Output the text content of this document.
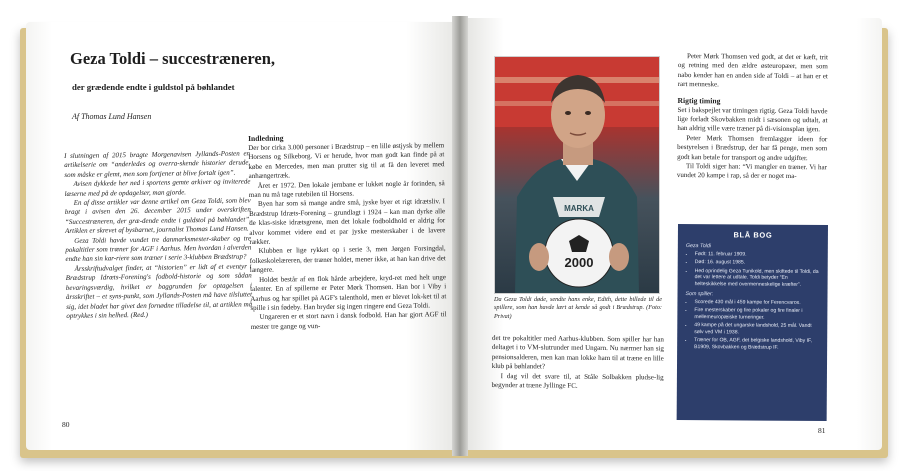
Geza Toldi – succestræneren,
der grædende endte i guldstol på bøhlandet
Af Thomas Lund Hansen

I slutningen af 2015 bragte Morgenavisen Jyllands-Posten en artikelserie om “anderledes og overra-skende historier derude, som måske er glemt, men som fortjener at blive fortalt igen”.

Avisen dykkede her ned i sportens gemte arkiver og inviterede læserne med på de opdagelser, man gjorde.

En af disse artikler var denne artikel om Geza Toldi, som blev bragt i avisen den 26. december 2015 under overskriften “Succestræneren, der græ-dende endte i guldstol på bøhlandet”. Artiklen er skrevet af bysbarnet, journalist Thomas Lund Hansen.

Geza Toldi havde vundet tre danmarksmester-skaber og tre pokaltitler som træner for AGF i Aarhus. Men hvordan i alverden endte han sin kar-riere som træner i serie 3-klubben Brædstrup?

Årsskriftudvalget finder, at “historien” er lidt af et eventyr i Brædstrup Idræts-Forening's fodbold-historie og som sådan bevaringsværdig, hvilket er baggrunden for optagelsen i årsskriftet – et syns-punkt, som Jyllands-Posten må have tilsluttet sig, idet bladet har givet den fornødne tilladelse til, at artiklen må optrykkes i sin helhed. (Red.)

Indledning

Der bor cirka 3.000 personer i Brædstrup – en lille østjysk by mellem Horsens og Silkeborg. Vi er herude, hvor man godt kan finde på at købe en Mercedes, men man prutter sig til at få den leveret med anhængertræk.

Året er 1972. Den lokale jernbane er lukket nogle år forinden, så man nu må tage rutebilen til Horsens.

Byen har som så mange andre små, jyske byer et rigt idrætsliv. I Brædstrup Idræts-Forening – grundlagt i 1924 – kan man dyrke alle de klas-siske idrætsgrene, men det lokale fodboldhold er aldrig for alvor kommet videre end et par jyske mesterskaber i de lavere rækker.

Klubben er lige rykket op i serie 3, men Jørgen Forsingdal, folkeskolelæreren, der træner holdet, mener ikke, at han kan drive det længere.

Holdet består af en flok hårde arbejdere, kryd-ret med helt unge talenter. En af spillerne er Peter Mørk Thomsen. Han bor i Viby i Aarhus og har spillet på AGF's talenthold, men er blevet lok-ket til at spille i sin fødeby. Han bryder sig ingen ringere end Geza Toldi.

Ungareren er et stort navn i dansk fodbold. Han har gjort AGF til mester tre gange og vun-

80
MARKA
2000
Da Geza Toldi døde, sendte hans enke, Edith, dette billede til de spillere, som han havde lært at kende så godt i Brædstrup. (Foto: Privat)

det tre pokaltitler med Aarhus-klubben. Som spiller har han deltaget i to VM-slutrunder med Ungarn. Nu nærmer han sig pensionsalderen, men kan man lokke ham til at træne en lille klub på bøhlandet?

I dag vil det svare til, at Ståle Solbakken pludse-lig begynder at træne Jyllinge FC.

Peter Mørk Thomsen ved godt, at det er kæft, trit og retning med den ældre østeuropæer, men som nabo kender han en anden side af Toldi – at han er et rart menneske.

Rigtig timing

Set i bakspejlet var timingen rigtig. Geza Toldi havde lige forladt Skovbakken midt i sæsonen og udtalt, at han aldrig ville være træner på di-visionsplan igen.

Peter Mørk Thomsen fremlægger ideen for bestyrelsen i Brædstrup, der har få penge, men som godt kan betale for transport og andre udgifter.

Til Toldi siger han: “Vi mangler en træner. Vi har vundet 20 kampe i rap, så der er noget ma-

BLÅ BOG
Geza Toldi
• Født: 11. februar 1909.
• Død: 16. august 1985.
• Hed oprindelig Geza Tunikold, men skiftede til Toldi, da det var lettere at udtale. Toldi betyder “En helteskikkelse med overmenneskelige kræfter”.
Som spiller:
• Scorede 430 mål i 459 kampe for Ferencvaros.
• Fire mesterskaber og fire pokaler og fire finaler i mellemeuropæiske turneringer.
• 49 kampe på det ungarske landshold, 25 mål. Vandt sølv ved VM i 1938.
• Træner for OB, AGF, det belgiske landshold, Viby IF, B1909, Skovbakken og Brædstrup IF.
81
